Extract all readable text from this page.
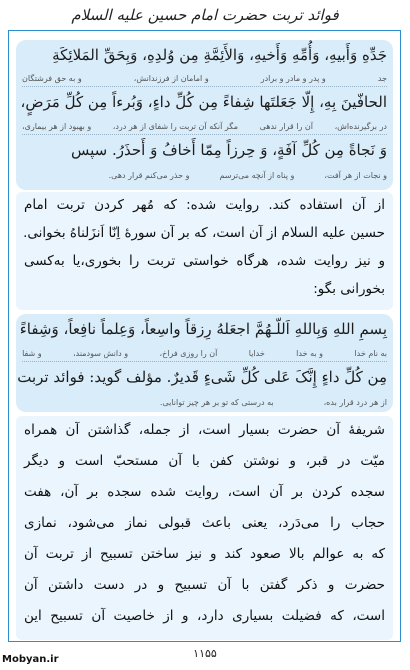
فوائد تربت حضرت امام حسین علیه السلام
جَدِّهِ وَأَبیهِ، وَأُمِّهِ وَأَخیهِ، وَالأَئِمَّةِ مِن وُلدِهِ، وَبِحَقِّ المَلائِکَةِ
جد
و پدر و مادر و برادر
و امامان از فرزندانش،
و به حق فرشتگان
الحافّینَ بِهِ، إِلّا جَعَلتَها شِفاءً مِن کُلِّ داءٍ، وَبُرءاً مِن کُلِّ مَرَضٍ،
در برگیرنده‌اش،
آن را قرار ندهی
مگر آنکه آن تربت را شفای از هر درد،
و بهبود از هر بیماری،
وَ نَجاةً مِن کُلِّ آفَةٍ، وَ حِرزاً مِمّا أَخافُ وَ أَحذَرُ. سپس
و نجات از هر آفت،
و پناه از آنچه می‌ترسم
و حذر می‌کنم قرار دهی.
از آن استفاده کند. روایت شده: که مُهر کردن تربت امام
حسین علیه السلام از آن است، که بر آن سورهٔ اِنّا اَنزَلناهُ بخوانی.
و نیز روایت شده، هرگاه خواستی تربت را بخوری،یا به‌کسی
بخورانی بگو:
بِسمِ اللهِ وَبِاللهِ اَللّـهُمَّ اجعَلهُ رِزقاً واسِعاً، وَعِلماً نافِعاً، وَشِفاءً
به نام خدا
و به خدا
خدایا
آن را روزی فراخ،
و دانش سودمند،
و شفا
مِن کُلِّ داءٍ إِنَّکَ عَلی کُلِّ شَیءٍ قَدیرٌ. مؤلف گوید: فوائد تربت
از هر درد قرار بده،
به درستی که تو بر هر چیز توانایی.
شریفهٔ آن حضرت بسیار است، از جمله، گذاشتن آن همراه
میّت در قبر، و نوشتن کفن با آن مستحبّ است و دیگر
سجده کردن بر آن است، روایت شده سجده بر آن، هفت
حجاب را می‌دَرد، یعنی باعث قبولی نماز می‌شود، نمازی
که به عوالم بالا صعود کند و نیز ساختن تسبیح از تربت آن
حضرت و ذکر گفتن با آن تسبیح و در دست داشتن آن
است، که فضیلت بسیاری دارد، و از خاصیت آن تسبیح این
۱۱۵۵
Mobyan.ir
